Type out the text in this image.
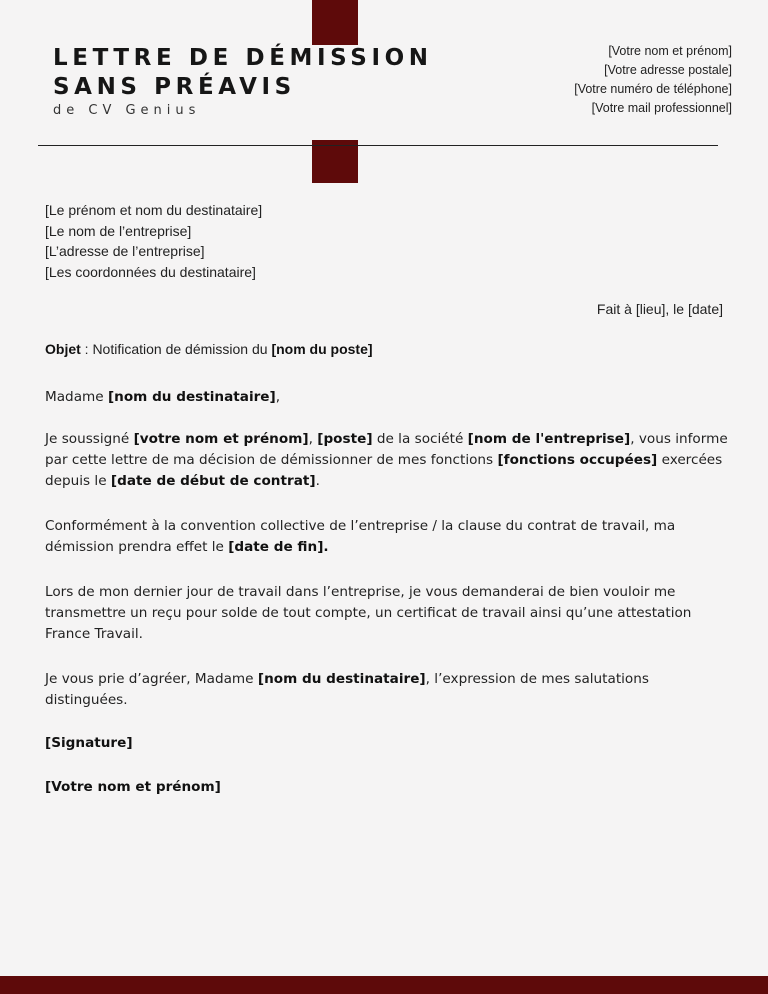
LETTRE DE DÉMISSION
SANS PRÉAVIS
de CV Genius
[Votre nom et prénom]
[Votre adresse postale]
[Votre numéro de téléphone]
[Votre mail professionnel]
[Le prénom et nom du destinataire]
[Le nom de l’entreprise]
[L’adresse de l’entreprise]
[Les coordonnées du destinataire]
Fait à [lieu], le [date]
Objet : Notification de démission du [nom du poste]

Madame [nom du destinataire],

Je soussigné [votre nom et prénom], [poste] de la société [nom de l'entreprise], vous informe par cette lettre de ma décision de démissionner de mes fonctions [fonctions occupées] exercées depuis le [date de début de contrat].

Conformément à la convention collective de l’entreprise / la clause du contrat de travail, ma démission prendra effet le [date de fin].

Lors de mon dernier jour de travail dans l’entreprise, je vous demanderai de bien vouloir me transmettre un reçu pour solde de tout compte, un certificat de travail ainsi qu’une attestation France Travail.

Je vous prie d’agréer, Madame [nom du destinataire], l’expression de mes salutations distinguées.

[Signature]

[Votre nom et prénom]
